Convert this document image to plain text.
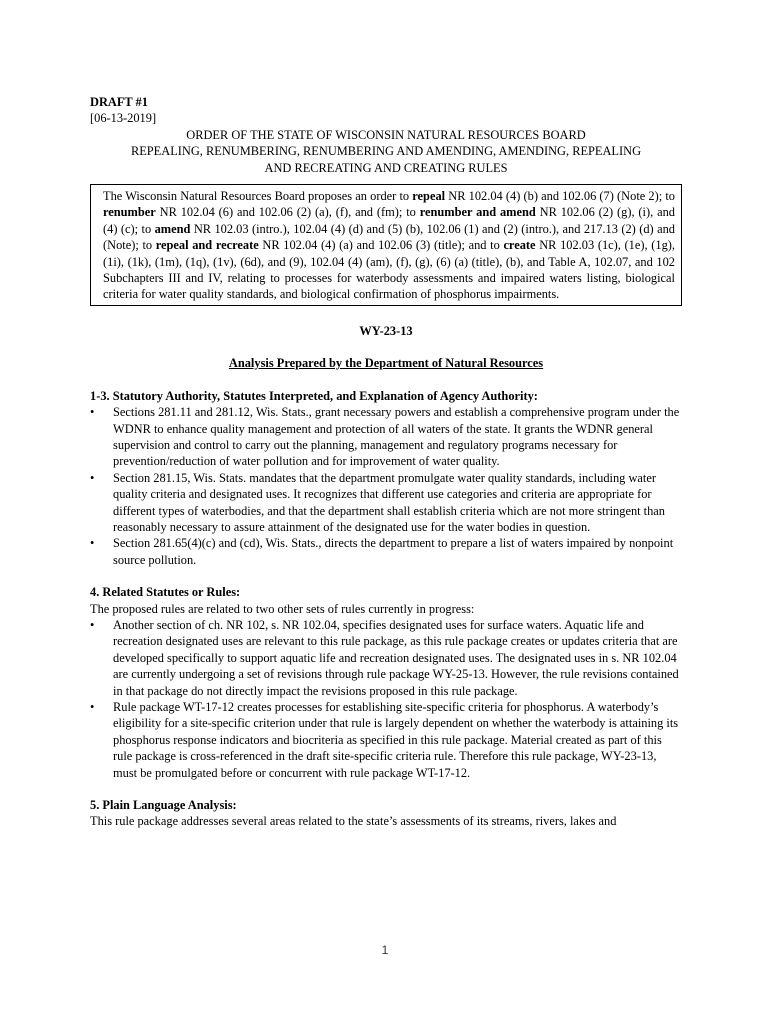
DRAFT #1
[06-13-2019]
ORDER OF THE STATE OF WISCONSIN NATURAL RESOURCES BOARD
REPEALING, RENUMBERING, RENUMBERING AND AMENDING, AMENDING, REPEALING
AND RECREATING AND CREATING RULES

The Wisconsin Natural Resources Board proposes an order to repeal NR 102.04 (4) (b) and 102.06 (7) (Note 2); to renumber NR 102.04 (6) and 102.06 (2) (a), (f), and (fm); to renumber and amend NR 102.06 (2) (g), (i), and (4) (c); to amend NR 102.03 (intro.), 102.04 (4) (d) and (5) (b), 102.06 (1) and (2) (intro.), and 217.13 (2) (d) and (Note); to repeal and recreate NR 102.04 (4) (a) and 102.06 (3) (title); and to create NR 102.03 (1c), (1e), (1g), (1i), (1k), (1m), (1q), (1v), (6d), and (9), 102.04 (4) (am), (f), (g), (6) (a) (title), (b), and Table A, 102.07, and 102 Subchapters III and IV, relating to processes for waterbody assessments and impaired waters listing, biological criteria for water quality standards, and biological confirmation of phosphorus impairments.

WY-23-13
Analysis Prepared by the Department of Natural Resources
1-3. Statutory Authority, Statutes Interpreted, and Explanation of Agency Authority:
• Sections 281.11 and 281.12, Wis. Stats., grant necessary powers and establish a comprehensive program under the WDNR to enhance quality management and protection of all waters of the state. It grants the WDNR general supervision and control to carry out the planning, management and regulatory programs necessary for prevention/reduction of water pollution and for improvement of water quality.
• Section 281.15, Wis. Stats. mandates that the department promulgate water quality standards, including water quality criteria and designated uses. It recognizes that different use categories and criteria are appropriate for different types of waterbodies, and that the department shall establish criteria which are not more stringent than reasonably necessary to assure attainment of the designated use for the water bodies in question.
• Section 281.65(4)(c) and (cd), Wis. Stats., directs the department to prepare a list of waters impaired by nonpoint source pollution.
4. Related Statutes or Rules:

The proposed rules are related to two other sets of rules currently in progress:

• Another section of ch. NR 102, s. NR 102.04, specifies designated uses for surface waters. Aquatic life and recreation designated uses are relevant to this rule package, as this rule package creates or updates criteria that are developed specifically to support aquatic life and recreation designated uses. The designated uses in s. NR 102.04 are currently undergoing a set of revisions through rule package WY-25-13. However, the rule revisions contained in that package do not directly impact the revisions proposed in this rule package.
• Rule package WT-17-12 creates processes for establishing site-specific criteria for phosphorus. A waterbody’s eligibility for a site-specific criterion under that rule is largely dependent on whether the waterbody is attaining its phosphorus response indicators and biocriteria as specified in this rule package. Material created as part of this rule package is cross-referenced in the draft site-specific criteria rule. Therefore this rule package, WY-23-13, must be promulgated before or concurrent with rule package WT-17-12.
5. Plain Language Analysis:

This rule package addresses several areas related to the state’s assessments of its streams, rivers, lakes and

1
